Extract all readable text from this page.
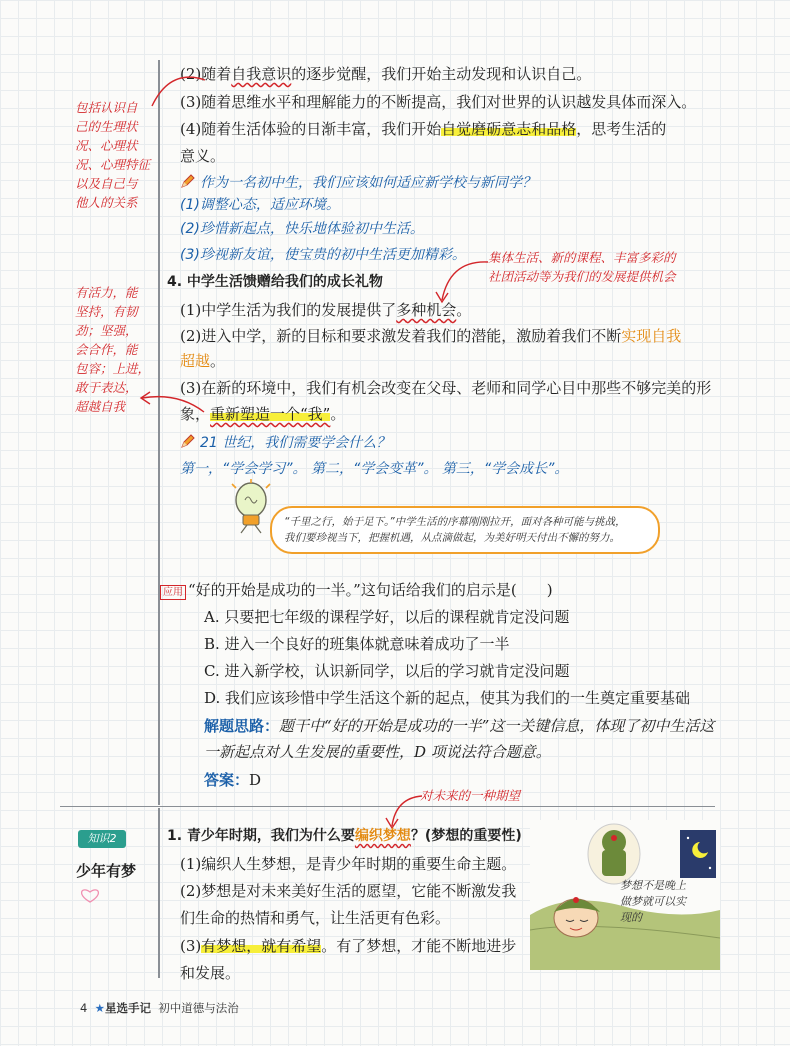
(2)随着自我意识的逐步觉醒，我们开始主动发现和认识自己。
(3)随着思维水平和理解能力的不断提高，我们对世界的认识越发具体而深入。
(4)随着生活体验的日渐丰富，我们开始自觉磨砺意志和品格，思考生活的
意义。
包括认识自
己的生理状
况、心理状
况、心理特征
以及自己与
他人的关系
作为一名初中生，我们应该如何适应新学校与新同学？
(1)调整心态，适应环境。
(2)珍惜新起点，快乐地体验初中生活。
(3)珍视新友谊，使宝贵的初中生活更加精彩。 集体生活、新的课程、丰富多彩的
社团活动等为我们的发展提供机会
4. 中学生活馈赠给我们的成长礼物
(1)中学生活为我们的发展提供了多种机会。
(2)进入中学，新的目标和要求激发着我们的潜能，激励着我们不断实现自我
超越。
(3)在新的环境中，我们有机会改变在父母、老师和同学心目中那些不够完美的形
象，重新塑造一个“我”。
有活力，能
坚持，有韧
劲；坚强，
会合作，能
包容；上进，
敢于表达，
超越自我
21 世纪，我们需要学会什么？
第一，“学会学习”。 第二，“学会变革”。 第三，“学会成长”。
“千里之行，始于足下。”中学生活的序幕刚刚拉开，面对各种可能与挑战，
我们要珍视当下，把握机遇，从点滴做起，为美好明天付出不懈的努力。
应用 “好的开始是成功的一半。”这句话给我们的启示是(　　)
A. 只要把七年级的课程学好，以后的课程就肯定没问题
B. 进入一个良好的班集体就意味着成功了一半
C. 进入新学校，认识新同学，以后的学习就肯定没问题
D. 我们应该珍惜中学生活这个新的起点，使其为我们的一生奠定重要基础
解题思路：题干中“好的开始是成功的一半”这一关键信息，体现了初中生活这
一新起点对人生发展的重要性，D 项说法符合题意。
答案：D
对未来的一种期望
知识2
少年有梦
1. 青少年时期，我们为什么要编织梦想？(梦想的重要性)
(1)编织人生梦想，是青少年时期的重要生命主题。
(2)梦想是对未来美好生活的愿望，它能不断激发我
们生命的热情和勇气，让生活更有色彩。
(3)有梦想，就有希望。有了梦想，才能不断地进步
和发展。
梦想不是晚上
做梦就可以实
现的
4 ★星选手记 初中道德与法治
